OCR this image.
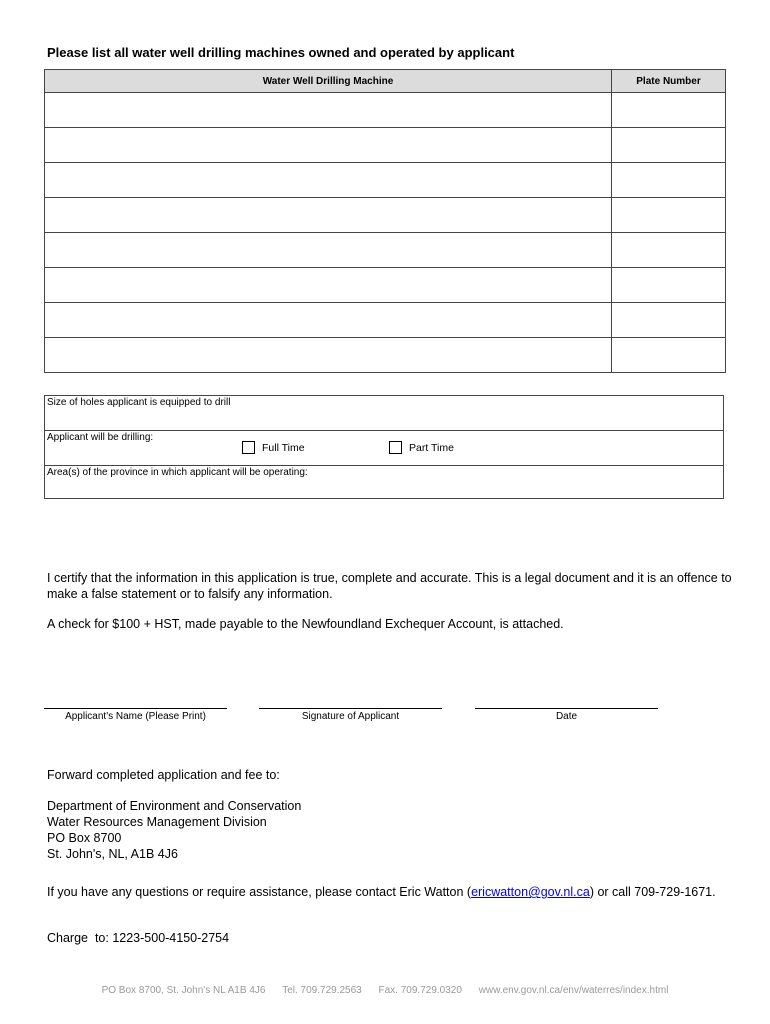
Please list all water well drilling machines owned and operated by applicant
Water Well Drilling Machine	Plate Number

Size of holes applicant is equipped to drill
Applicant will be drilling:
Full Time	Part Time
Area(s) of the province in which applicant will be operating:
I certify that the information in this application is true, complete and accurate. This is a legal document and it is an offence to make a false statement or to falsify any information.
A check for $100 + HST, made payable to the Newfoundland Exchequer Account, is attached.
Applicant's Name (Please Print)	Signature of Applicant	Date
Forward completed application and fee to:
Department of Environment and Conservation
Water Resources Management Division
PO Box 8700
St. John's, NL, A1B 4J6
If you have any questions or require assistance, please contact Eric Watton (ericwatton@gov.nl.ca) or call 709-729-1671.
Charge  to: 1223-500-4150-2754
PO Box 8700, St. John's NL A1B 4J6 Tel. 709.729.2563 Fax. 709.729.0320 www.env.gov.nl.ca/env/waterres/index.html
